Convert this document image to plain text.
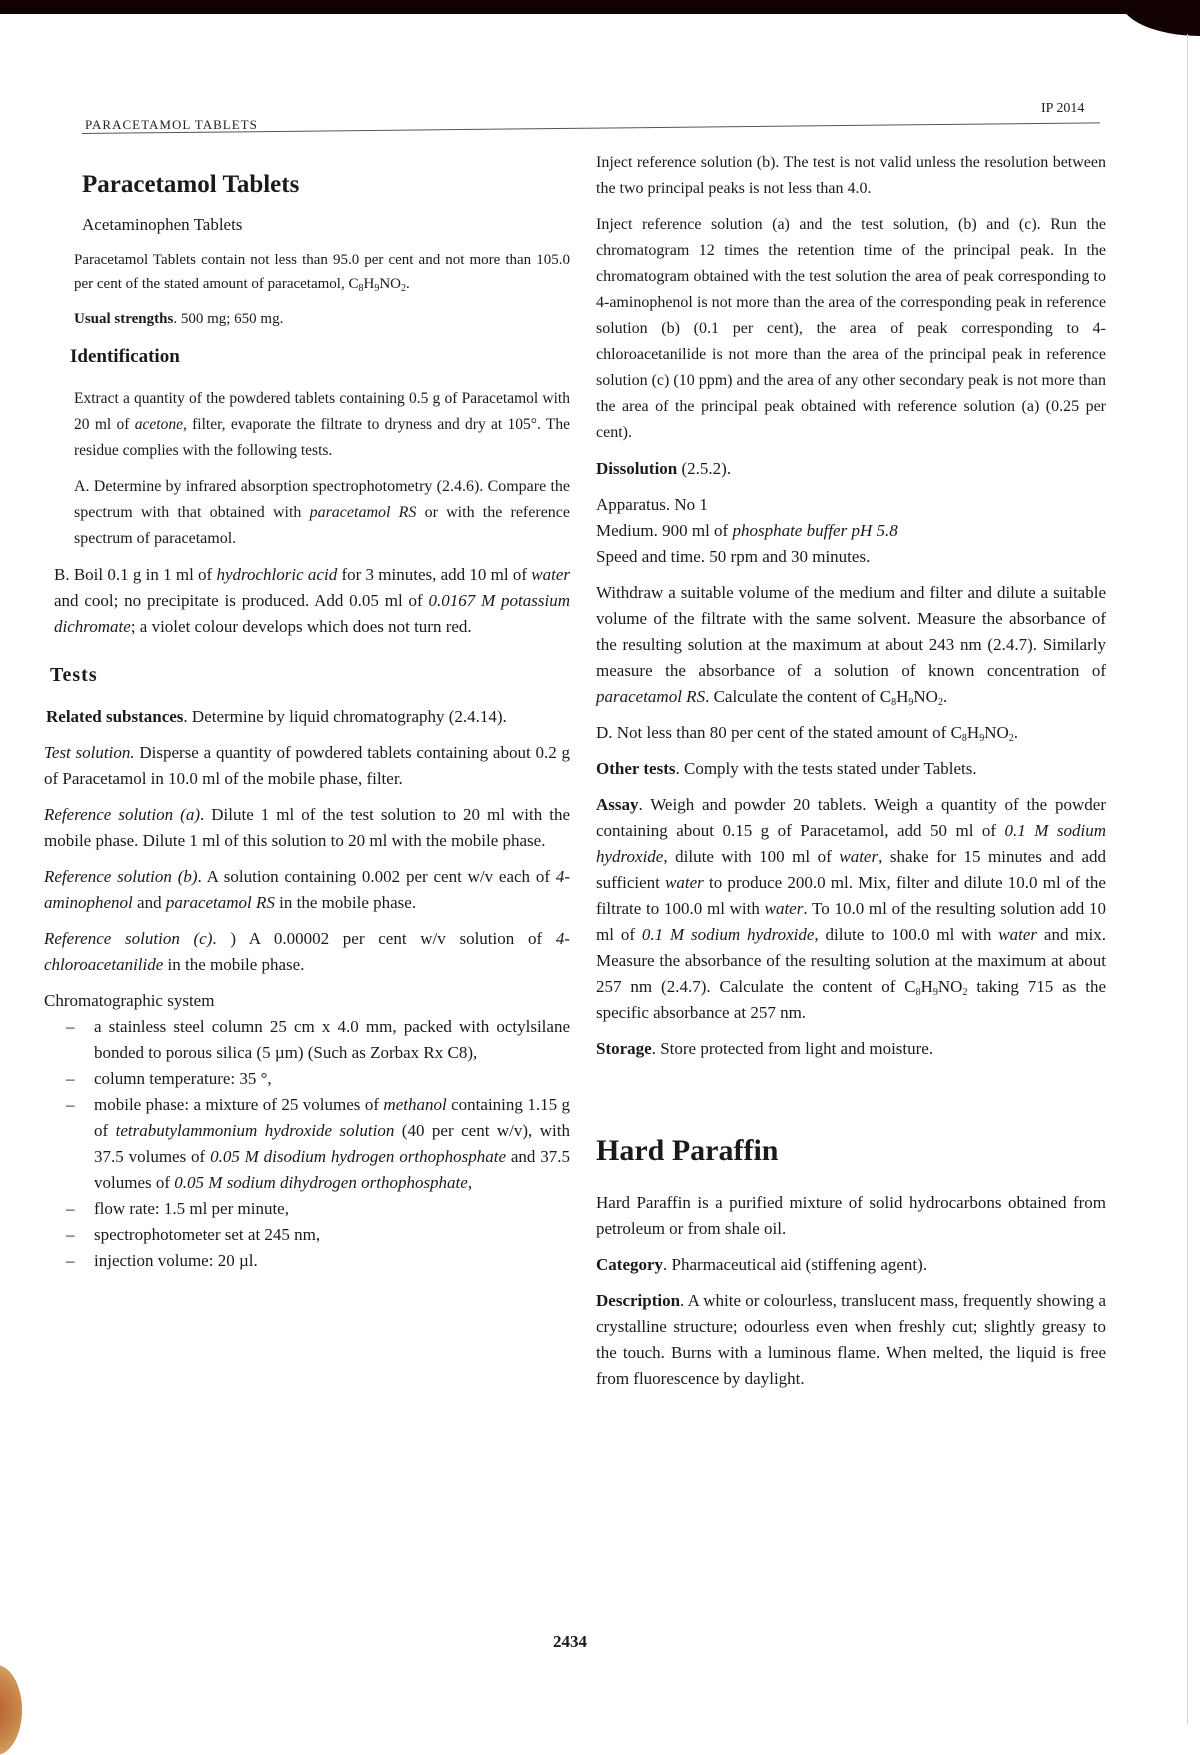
PARACETAMOL TABLETS
IP 2014
Paracetamol Tablets
Acetaminophen Tablets

Paracetamol Tablets contain not less than 95.0 per cent and not more than 105.0 per cent of the stated amount of paracetamol, $C_8H_9NO_2$.

Usual strengths. 500 mg; 650 mg.

Identification

Extract a quantity of the powdered tablets containing 0.5 g of Paracetamol with 20 ml of acetone, filter, evaporate the filtrate to dryness and dry at 105°. The residue complies with the following tests.

A. Determine by infrared absorption spectrophotometry (2.4.6). Compare the spectrum with that obtained with paracetamol RS or with the reference spectrum of paracetamol.

B. Boil 0.1 g in 1 ml of hydrochloric acid for 3 minutes, add 10 ml of water and cool; no precipitate is produced. Add 0.05 ml of 0.0167 M potassium dichromate; a violet colour develops which does not turn red.

Tests

Related substances. Determine by liquid chromatography (2.4.14).

Test solution. Disperse a quantity of powdered tablets containing about 0.2 g of Paracetamol in 10.0 ml of the mobile phase, filter.

Reference solution (a). Dilute 1 ml of the test solution to 20 ml with the mobile phase. Dilute 1 ml of this solution to 20 ml with the mobile phase.

Reference solution (b). A solution containing 0.002 per cent w/v each of 4-aminophenol and paracetamol RS in the mobile phase.

Reference solution (c). ) A 0.00002 per cent w/v solution of 4- chloroacetanilide in the mobile phase.

Chromatographic system
– a stainless steel column 25 cm x 4.0 mm, packed with octylsilane bonded to porous silica (5 µm) (Such as Zorbax Rx C8),
– column temperature: 35 °,
– mobile phase: a mixture of 25 volumes of methanol containing 1.15 g of tetrabutylammonium hydroxide solution (40 per cent w/v), with 37.5 volumes of 0.05 M disodium hydrogen orthophosphate and 37.5 volumes of 0.05 M sodium dihydrogen orthophosphate,
– flow rate: 1.5 ml per minute,
– spectrophotometer set at 245 nm,
– injection volume: 20 µl.

Inject reference solution (b). The test is not valid unless the resolution between the two principal peaks is not less than 4.0.

Inject reference solution (a) and the test solution, (b) and (c). Run the chromatogram 12 times the retention time of the principal peak. In the chromatogram obtained with the test solution the area of peak corresponding to 4-aminophenol is not more than the area of the corresponding peak in reference solution (b) (0.1 per cent), the area of peak corresponding to 4- chloroacetanilide is not more than the area of the principal peak in reference solution (c) (10 ppm) and the area of any other secondary peak is not more than the area of the principal peak obtained with reference solution (a) (0.25 per cent).

Dissolution (2.5.2).

Apparatus. No 1

Medium. 900 ml of phosphate buffer pH 5.8

Speed and time. 50 rpm and 30 minutes.

Withdraw a suitable volume of the medium and filter and dilute a suitable volume of the filtrate with the same solvent. Measure the absorbance of the resulting solution at the maximum at about 243 nm (2.4.7). Similarly measure the absorbance of a solution of known concentration of paracetamol RS. Calculate the content of $C_8H_9NO_2$.

D. Not less than 80 per cent of the stated amount of $C_8H_9NO_2$.

Other tests. Comply with the tests stated under Tablets.

Assay. Weigh and powder 20 tablets. Weigh a quantity of the powder containing about 0.15 g of Paracetamol, add 50 ml of 0.1 M sodium hydroxide, dilute with 100 ml of water, shake for 15 minutes and add sufficient water to produce 200.0 ml. Mix, filter and dilute 10.0 ml of the filtrate to 100.0 ml with water. To 10.0 ml of the resulting solution add 10 ml of 0.1 M sodium hydroxide, dilute to 100.0 ml with water and mix. Measure the absorbance of the resulting solution at the maximum at about 257 nm (2.4.7). Calculate the content of $C_8H_9NO_2$ taking 715 as the specific absorbance at 257 nm.

Storage. Store protected from light and moisture.

Hard Paraffin

Hard Paraffin is a purified mixture of solid hydrocarbons obtained from petroleum or from shale oil.

Category. Pharmaceutical aid (stiffening agent).

Description. A white or colourless, translucent mass, frequently showing a crystalline structure; odourless even when freshly cut; slightly greasy to the touch. Burns with a luminous flame. When melted, the liquid is free from fluorescence by daylight.

2434
